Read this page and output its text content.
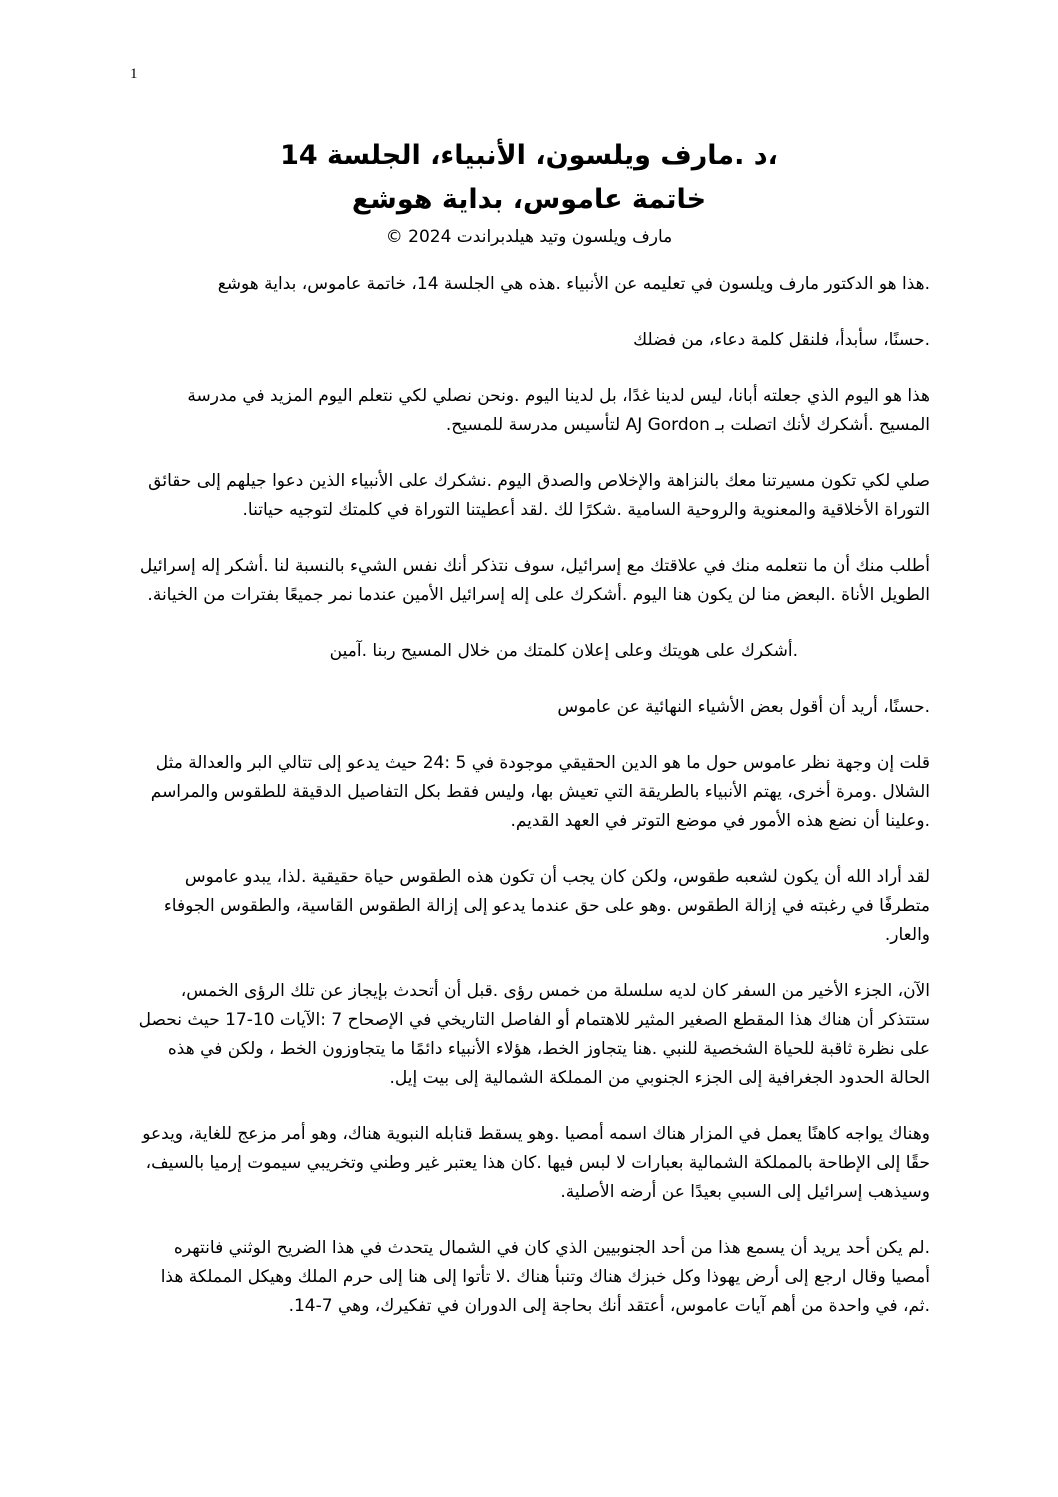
1
،د .مارف ويلسون، الأنبياء، الجلسة 14
خاتمة عاموس، بداية هوشع
مارف ويلسون وتيد هيلدبراندت 2024 ©

.هذا هو الدكتور مارف ويلسون في تعليمه عن الأنبياء .هذه هي الجلسة 14، خاتمة عاموس، بداية هوشع

.حسنًا، سأبدأ، فلنقل كلمة دعاء، من فضلك

هذا هو اليوم الذي جعلته أبانا، ليس لدينا غدًا، بل لدينا اليوم .ونحن نصلي لكي نتعلم اليوم المزيد في مدرسة المسيح .أشكرك لأنك اتصلت بـ AJ Gordon لتأسيس مدرسة للمسيح.

صلي لكي تكون مسيرتنا معك بالنزاهة والإخلاص والصدق اليوم .نشكرك على الأنبياء الذين دعوا جيلهم إلى حقائق التوراة الأخلاقية والمعنوية والروحية السامية .شكرًا لك .لقد أعطيتنا التوراة في كلمتك لتوجيه حياتنا.

أطلب منك أن ما نتعلمه منك في علاقتك مع إسرائيل، سوف نتذكر أنك نفس الشيء بالنسبة لنا .أشكر إله إسرائيل الطويل الأناة .البعض منا لن يكون هنا اليوم .أشكرك على إله إسرائيل الأمين عندما نمر جميعًا بفترات من الخيانة.

.أشكرك على هويتك وعلى إعلان كلمتك من خلال المسيح ربنا .آمين

.حسنًا، أريد أن أقول بعض الأشياء النهائية عن عاموس

قلت إن وجهة نظر عاموس حول ما هو الدين الحقيقي موجودة في 5 :24 حيث يدعو إلى تتالي البر والعدالة مثل الشلال .ومرة أخرى، يهتم الأنبياء بالطريقة التي تعيش بها، وليس فقط بكل التفاصيل الدقيقة للطقوس والمراسم .وعلينا أن نضع هذه الأمور في موضع التوتر في العهد القديم.

لقد أراد الله أن يكون لشعبه طقوس، ولكن كان يجب أن تكون هذه الطقوس حياة حقيقية .لذا، يبدو عاموس متطرفًا في رغبته في إزالة الطقوس .وهو على حق عندما يدعو إلى إزالة الطقوس القاسية، والطقوس الجوفاء والعار.

الآن، الجزء الأخير من السفر كان لديه سلسلة من خمس رؤى .قبل أن أتحدث بإيجاز عن تلك الرؤى الخمس، ستتذكر أن هناك هذا المقطع الصغير المثير للاهتمام أو الفاصل التاريخي في الإصحاح 7 :الآيات 10-17 حيث نحصل على نظرة ثاقبة للحياة الشخصية للنبي .هنا يتجاوز الخط، هؤلاء الأنبياء دائمًا ما يتجاوزون الخط ، ولكن في هذه الحالة الحدود الجغرافية إلى الجزء الجنوبي من المملكة الشمالية إلى بيت إيل.

وهناك يواجه كاهنًا يعمل في المزار هناك اسمه أمصيا .وهو يسقط قنابله النبوية هناك، وهو أمر مزعج للغاية، ويدعو حقًا إلى الإطاحة بالمملكة الشمالية بعبارات لا لبس فيها .كان هذا يعتبر غير وطني وتخريبي سيموت إرميا بالسيف، وسيذهب إسرائيل إلى السبي بعيدًا عن أرضه الأصلية.

.لم يكن أحد يريد أن يسمع هذا من أحد الجنوبيين الذي كان في الشمال يتحدث في هذا الضريح الوثني فانتهره أمصيا وقال ارجع إلى أرض يهوذا وكل خبزك هناك وتنبأ هناك .لا تأتوا إلى هنا إلى حرم الملك وهيكل المملكة هذا .ثم، في واحدة من أهم آيات عاموس، أعتقد أنك بحاجة إلى الدوران في تفكيرك، وهي 7-14.
